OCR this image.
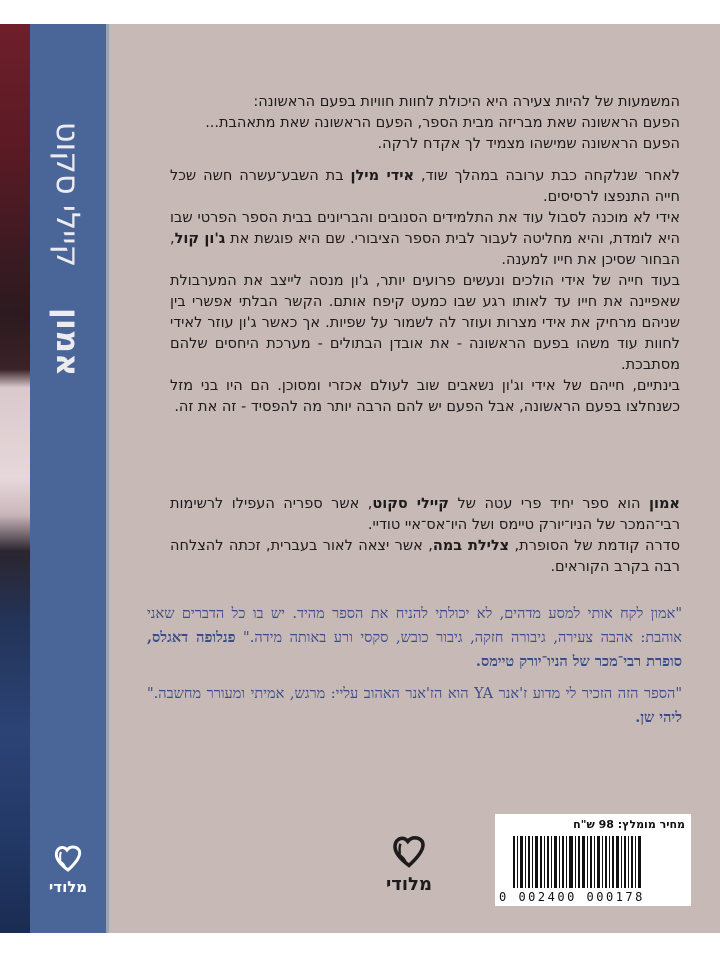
אמון    קיילי סקוט
מלודי

המשמעות של להיות צעירה היא היכולת לחוות חוויות בפעם הראשונה:

הפעם הראשונה שאת מבריזה מבית הספר, הפעם הראשונה שאת מתאהבת...

הפעם הראשונה שמישהו מצמיד לך אקדח לרקה.

לאחר שנלקחה כבת ערובה במהלך שוד, אידי מילן בת השבע־עשרה חשה שכל חייה התנפצו לרסיסים.

אידי לא מוכנה לסבול עוד את התלמידים הסנובים והבריונים בבית הספר הפרטי שבו היא לומדת, והיא מחליטה לעבור לבית הספר הציבורי. שם היא פוגשת את ג'ון קול, הבחור שסיכן את חייו למענה.

בעוד חייה של אידי הולכים ונעשים פרועים יותר, ג'ון מנסה לייצב את המערבולת שאפיינה את חייו עד לאותו רגע שבו כמעט קיפח אותם. הקשר הבלתי אפשרי בין שניהם מרחיק את אידי מצרות ועוזר לה לשמור על שפיות. אך כאשר ג'ון עוזר לאידי לחוות עוד משהו בפעם הראשונה - את אובדן הבתולים - מערכת היחסים שלהם מסתבכת.

בינתיים, חייהם של אידי וג'ון נשאבים שוב לעולם אכזרי ומסוכן. הם היו בני מזל כשנחלצו בפעם הראשונה, אבל הפעם יש להם הרבה יותר מה להפסיד - זה את זה.

אמון הוא ספר יחיד פרי עטה של קיילי סקוט, אשר ספריה העפילו לרשימות רבי־המכר של הניו־יורק טיימס ושל היו־אס־איי טודיי.

סדרה קודמת של הסופרת, צלילת במה, אשר יצאה לאור בעברית, זכתה להצלחה רבה בקרב הקוראים.

"אמון לקח אותי למסע מדהים, לא יכולתי להניח את הספר מהיד. יש בו כל הדברים שאני אוהבת: אהבה צעירה, גיבורה חזקה, גיבור כובש, סקסי ורע באותה מידה." פנלופה דאגלס, סופרת רבי־מכר של הניו־יורק טיימס.

"הספר הזה הזכיר לי מדוע ז'אנר YA הוא הז'אנר האהוב עליי: מרגש, אמיתי ומעורר מחשבה." ליהי שן.

מלודי
מחיר מומלץ: 98 ש"ח
0 002400 000178
